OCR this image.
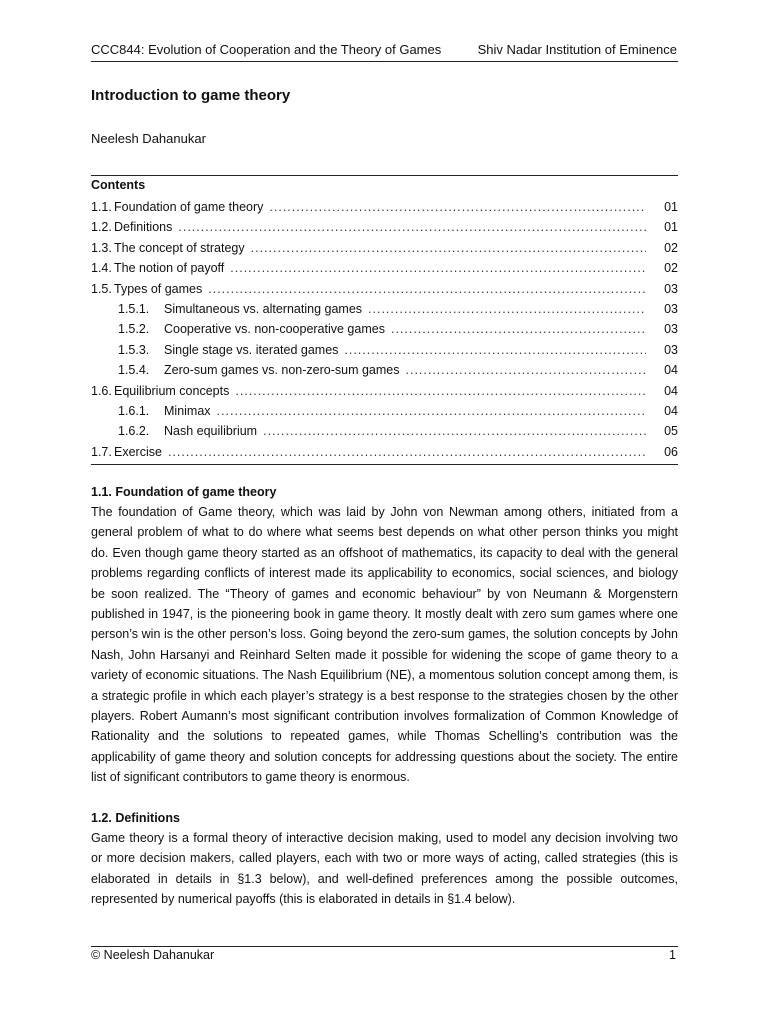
CCC844: Evolution of Cooperation and the Theory of Games	Shiv Nadar Institution of Eminence
Introduction to game theory
Neelesh Dahanukar
Contents
1.1. Foundation of game theory .....	01
1.2. Definitions .....	01
1.3. The concept of strategy .....	02
1.4. The notion of payoff .....	02
1.5. Types of games .....	03
1.5.1.	Simultaneous vs. alternating games .....	03
1.5.2.	Cooperative vs. non-cooperative games .....	03
1.5.3.	Single stage vs. iterated games .....	03
1.5.4.	Zero-sum games vs. non-zero-sum games .....	04
1.6. Equilibrium concepts .....	04
1.6.1.	Minimax .....	04
1.6.2.	Nash equilibrium .....	05
1.7. Exercise .....	06
1.1. Foundation of game theory

The foundation of Game theory, which was laid by John von Newman among others, initiated from a general problem of what to do where what seems best depends on what other person thinks you might do. Even though game theory started as an offshoot of mathematics, its capacity to deal with the general problems regarding conflicts of interest made its applicability to economics, social sciences, and biology be soon realized. The “Theory of games and economic behaviour” by von Neumann & Morgenstern published in 1947, is the pioneering book in game theory. It mostly dealt with zero sum games where one person’s win is the other person’s loss. Going beyond the zero-sum games, the solution concepts by John Nash, John Harsanyi and Reinhard Selten made it possible for widening the scope of game theory to a variety of economic situations. The Nash Equilibrium (NE), a momentous solution concept among them, is a strategic profile in which each player’s strategy is a best response to the strategies chosen by the other players. Robert Aumann’s most significant contribution involves formalization of Common Knowledge of Rationality and the solutions to repeated games, while Thomas Schelling’s contribution was the applicability of game theory and solution concepts for addressing questions about the society. The entire list of significant contributors to game theory is enormous.

1.2. Definitions

Game theory is a formal theory of interactive decision making, used to model any decision involving two or more decision makers, called players, each with two or more ways of acting, called strategies (this is elaborated in details in §1.3 below), and well-defined preferences among the possible outcomes, represented by numerical payoffs (this is elaborated in details in §1.4 below).

© Neelesh Dahanukar	1
